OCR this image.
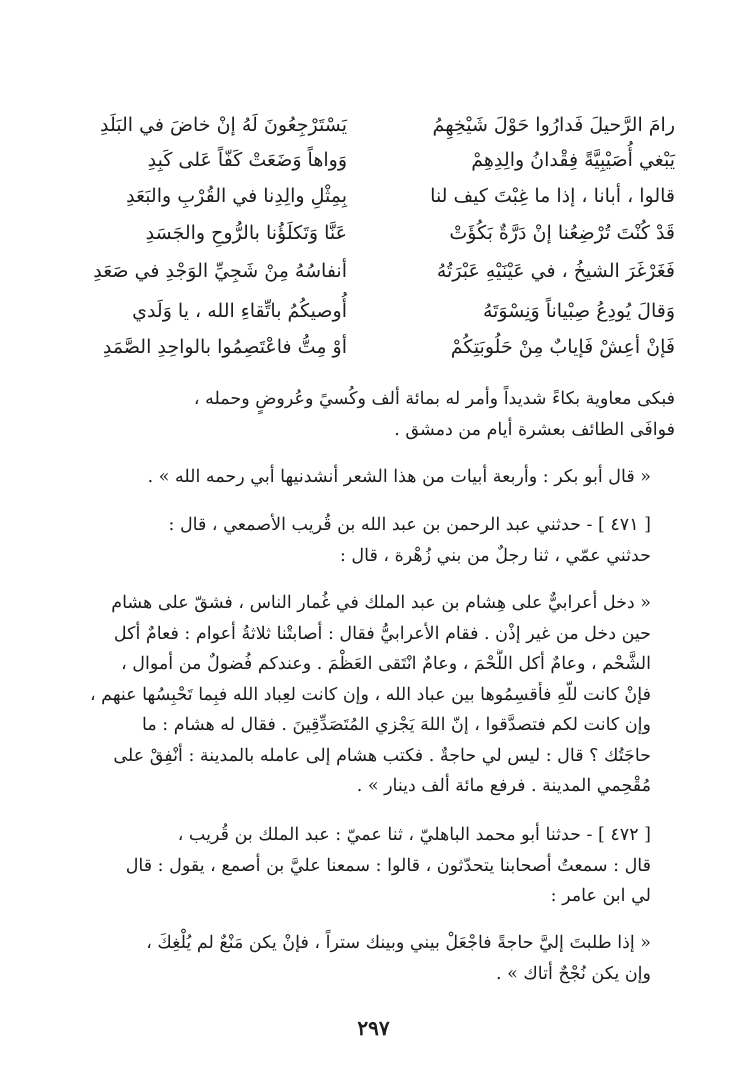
رامَ الرَّحيلَ فَدارُوا حَوْلَ شَيْخِهِمُ
يَسْتَرْجِعُونَ لَهُ إنْ خاضَ في البَلَدِ
يَبْغي أُصَيْبِيَّةً فِقْدانُ والِدِهِمْ
وَواهاً وَضَعَتْ كَفّاً عَلى كَبِدِ
قالوا ، أبانا ، إذا ما غِبْتَ كيف لنا
بِمِثْلِ والِدِنا في القُرْبِ والبَعَدِ
قَدْ كُنْتَ تُرْضِعُنا إنْ دَرَّةٌ بَكُؤَتْ
عَنَّا وَتَكلَؤُنا بالرُّوحِ والجَسَدِ
فَغَرْغَرَ الشيخُ ، في عَيْنَيْهِ عَبْرَتُهُ
أنفاسُهُ مِنْ شَجِيِّ الوَجْدِ في صَعَدِ
وَقالَ يُودِعُ صِبْياناً وَنِسْوَتَهُ
أُوصيكُمُ باتِّقاءِ الله ، يا وَلَدي
فَإنْ أعِشْ فَإيابٌ مِنْ حَلُوبَتِكُمْ
أوْ مِتُّ فاعْتَصِمُوا بالواحِدِ الصَّمَدِ
فبكى معاوية بكاءً شديداً وأمر له بمائة ألف وكُسيً وعُروضٍ وحمله ،
فوافَى الطائف بعشرة أيام من دمشق .
« قال أبو بكر : وأربعة أبيات من هذا الشعر أنشدنيها أبي رحمه الله » .
[ ٤٧١ ] - حدثني عبد الرحمن بن عبد الله بن قُريب الأصمعي ، قال :
حدثني عمّي ، ثنا رجلٌ من بني زُهْرة ، قال :
« دخل أعرابيٌّ على هِشام بن عبد الملك في غُمار الناس ، فشقّ على هشام
حين دخل من غير إذْن . فقام الأعرابيُّ فقال : أصابتْنا ثلاثةُ أعوام : فعامٌ أكل
الشَّحْم ، وعامٌ أكل اللَّحْمَ ، وعامٌ انْتَقى العَظْمَ . وعندكم فُضولٌ من أموال ،
فإنْ كانت للّهِ فأقسِمُوها بين عباد الله ، وإن كانت لعِباد الله فبِما تَحْبِسُها عنهم ،
وإن كانت لكم فتصدَّقوا ، إنّ اللهَ يَجْزي المُتَصَدِّقِينَ . فقال له هشام : ما
حاجَتُك ؟ قال : ليس لي حاجةٌ . فكتب هشام إلى عامله بالمدينة : أنْفِقْ على
مُقْحِمي المدينة . فرفع مائة ألف دينار » .
[ ٤٧٢ ] - حدثنا أبو محمد الباهليّ ، ثنا عميّ : عبد الملك بن قُريب ،
قال : سمعتُ أصحابنا يتحدّثون ، قالوا : سمعنا عليَّ بن أصمع ، يقول : قال
لي ابن عامر :
« إذا طلبتَ إليَّ حاجةً فاجْعَلْ بيني وبينك ستراً ، فإنْ يكن مَنْعٌ لم يُلْغِكَ ،
وإن يكن نُجْحٌ أتاك » .
٢٩٧
